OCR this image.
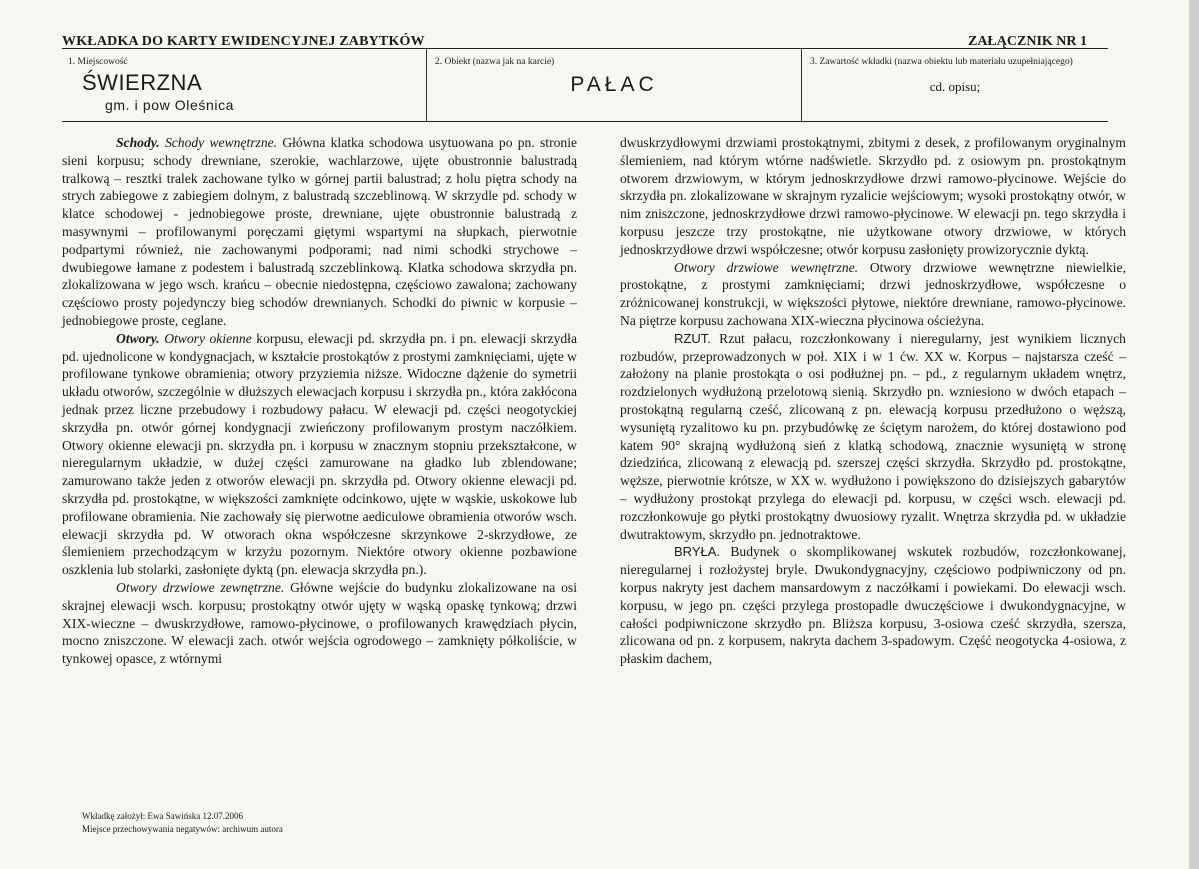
WKŁADKA DO KARTY EWIDENCYJNEJ ZABYTKÓW	ZAŁĄCZNIK NR 1
1. Miejscowość
ŚWIERZNA
gm. i pow Oleśnica
2. Obiekt (nazwa jak na karcie)
PAŁAC
3. Zawartość wkładki (nazwa obiektu lub materiału uzupełniającego)
cd. opisu;

Schody. Schody wewnętrzne. Główna klatka schodowa usytuowana po pn. stronie sieni korpusu; schody drewniane, szerokie, wachlarzowe, ujęte obustronnie balustradą tralkową – resztki tralek zachowane tylko w górnej partii balustrad; z holu piętra schody na strych zabiegowe z zabiegiem dolnym, z balustradą szczeblinową. W skrzydle pd. schody w klatce schodowej - jednobiegowe proste, drewniane, ujęte obustronnie balustradą z masywnymi – profilowanymi poręczami giętymi wspartymi na słupkach, pierwotnie podpartymi również, nie zachowanymi podporami; nad nimi schodki strychowe – dwubiegowe łamane z podestem i balustradą szczeblinkową. Klatka schodowa skrzydła pn. zlokalizowana w jego wsch. krańcu – obecnie niedostępna, częściowo zawalona; zachowany częściowo prosty pojedynczy bieg schodów drewnianych. Schodki do piwnic w korpusie – jednobiegowe proste, ceglane.

Otwory. Otwory okienne korpusu, elewacji pd. skrzydła pn. i pn. elewacji skrzydła pd. ujednolicone w kondygnacjach, w kształcie prostokątów z prostymi zamknięciami, ujęte w profilowane tynkowe obramienia; otwory przyziemia niższe. Widoczne dążenie do symetrii układu otworów, szczególnie w dłuższych elewacjach korpusu i skrzydła pn., która zakłócona jednak przez liczne przebudowy i rozbudowy pałacu. W elewacji pd. części neogotyckiej skrzydła pn. otwór górnej kondygnacji zwieńczony profilowanym prostym naczółkiem. Otwory okienne elewacji pn. skrzydła pn. i korpusu w znacznym stopniu przekształcone, w nieregularnym układzie, w dużej części zamurowane na gładko lub zblendowane; zamurowano także jeden z otworów elewacji pn. skrzydła pd. Otwory okienne elewacji pd. skrzydła pd. prostokątne, w większości zamknięte odcinkowo, ujęte w wąskie, uskokowe lub profilowane obramienia. Nie zachowały się pierwotne aediculowe obramienia otworów wsch. elewacji skrzydła pd. W otworach okna współczesne skrzynkowe 2-skrzydłowe, ze ślemieniem przechodzącym w krzyżu pozornym. Niektóre otwory okienne pozbawione oszklenia lub stolarki, zasłonięte dyktą (pn. elewacja skrzydła pn.).

Otwory drzwiowe zewnętrzne. Główne wejście do budynku zlokalizowane na osi skrajnej elewacji wsch. korpusu; prostokątny otwór ujęty w wąską opaskę tynkową; drzwi XIX-wieczne – dwuskrzydłowe, ramowo-płycinowe, o profilowanych krawędziach płycin, mocno zniszczone. W elewacji zach. otwór wejścia ogrodowego – zamknięty półkoliście, w tynkowej opasce, z wtórnymi

dwuskrzydłowymi drzwiami prostokątnymi, zbitymi z desek, z profilowanym oryginalnym ślemieniem, nad którym wtórne nadświetle. Skrzydło pd. z osiowym pn. prostokątnym otworem drzwiowym, w którym jednoskrzydłowe drzwi ramowo-płycinowe. Wejście do skrzydła pn. zlokalizowane w skrajnym ryzalicie wejściowym; wysoki prostokątny otwór, w nim zniszczone, jednoskrzydłowe drzwi ramowo-płycinowe. W elewacji pn. tego skrzydła i korpusu jeszcze trzy prostokątne, nie użytkowane otwory drzwiowe, w których jednoskrzydłowe drzwi współczesne; otwór korpusu zasłonięty prowizorycznie dyktą.

Otwory drzwiowe wewnętrzne. Otwory drzwiowe wewnętrzne niewielkie, prostokątne, z prostymi zamknięciami; drzwi jednoskrzydłowe, współczesne o zróżnicowanej konstrukcji, w większości płytowe, niektóre drewniane, ramowo-płycinowe. Na piętrze korpusu zachowana XIX-wieczna płycinowa ościeżyna.

RZUT. Rzut pałacu, rozczłonkowany i nieregularny, jest wynikiem licznych rozbudów, przeprowadzonych w poł. XIX i w 1 ćw. XX w. Korpus – najstarsza cześć – założony na planie prostokąta o osi podłużnej pn. – pd., z regularnym układem wnętrz, rozdzielonych wydłużoną przelotową sienią. Skrzydło pn. wzniesiono w dwóch etapach – prostokątną regularną cześć, zlicowaną z pn. elewacją korpusu przedłużono o węższą, wysuniętą ryzalitowo ku pn. przybudówkę ze ściętym narożem, do której dostawiono pod katem 90° skrajną wydłużoną sień z klatką schodową, znacznie wysuniętą w stronę dziedzińca, zlicowaną z elewacją pd. szerszej części skrzydła. Skrzydło pd. prostokątne, węższe, pierwotnie krótsze, w XX w. wydłużono i powiększono do dzisiejszych gabarytów – wydłużony prostokąt przylega do elewacji pd. korpusu, w części wsch. elewacji pd. rozczłonkowuje go płytki prostokątny dwuosiowy ryzalit. Wnętrza skrzydła pd. w układzie dwutraktowym, skrzydło pn. jednotraktowe.

BRYŁA. Budynek o skomplikowanej wskutek rozbudów, rozczłonkowanej, nieregularnej i rozłożystej bryle. Dwukondygnacyjny, częściowo podpiwniczony od pn. korpus nakryty jest dachem mansardowym z naczółkami i powiekami. Do elewacji wsch. korpusu, w jego pn. części przylega prostopadle dwuczęściowe i dwukondygnacyjne, w całości podpiwniczone skrzydło pn. Bliższa korpusu, 3-osiowa cześć skrzydła, szersza, zlicowana od pn. z korpusem, nakryta dachem 3-spadowym. Część neogotycka 4-osiowa, z płaskim dachem,

Wkładkę założył: Ewa Sawińska 12.07.2006
Miejsce przechowywania negatywów: archiwum autora
